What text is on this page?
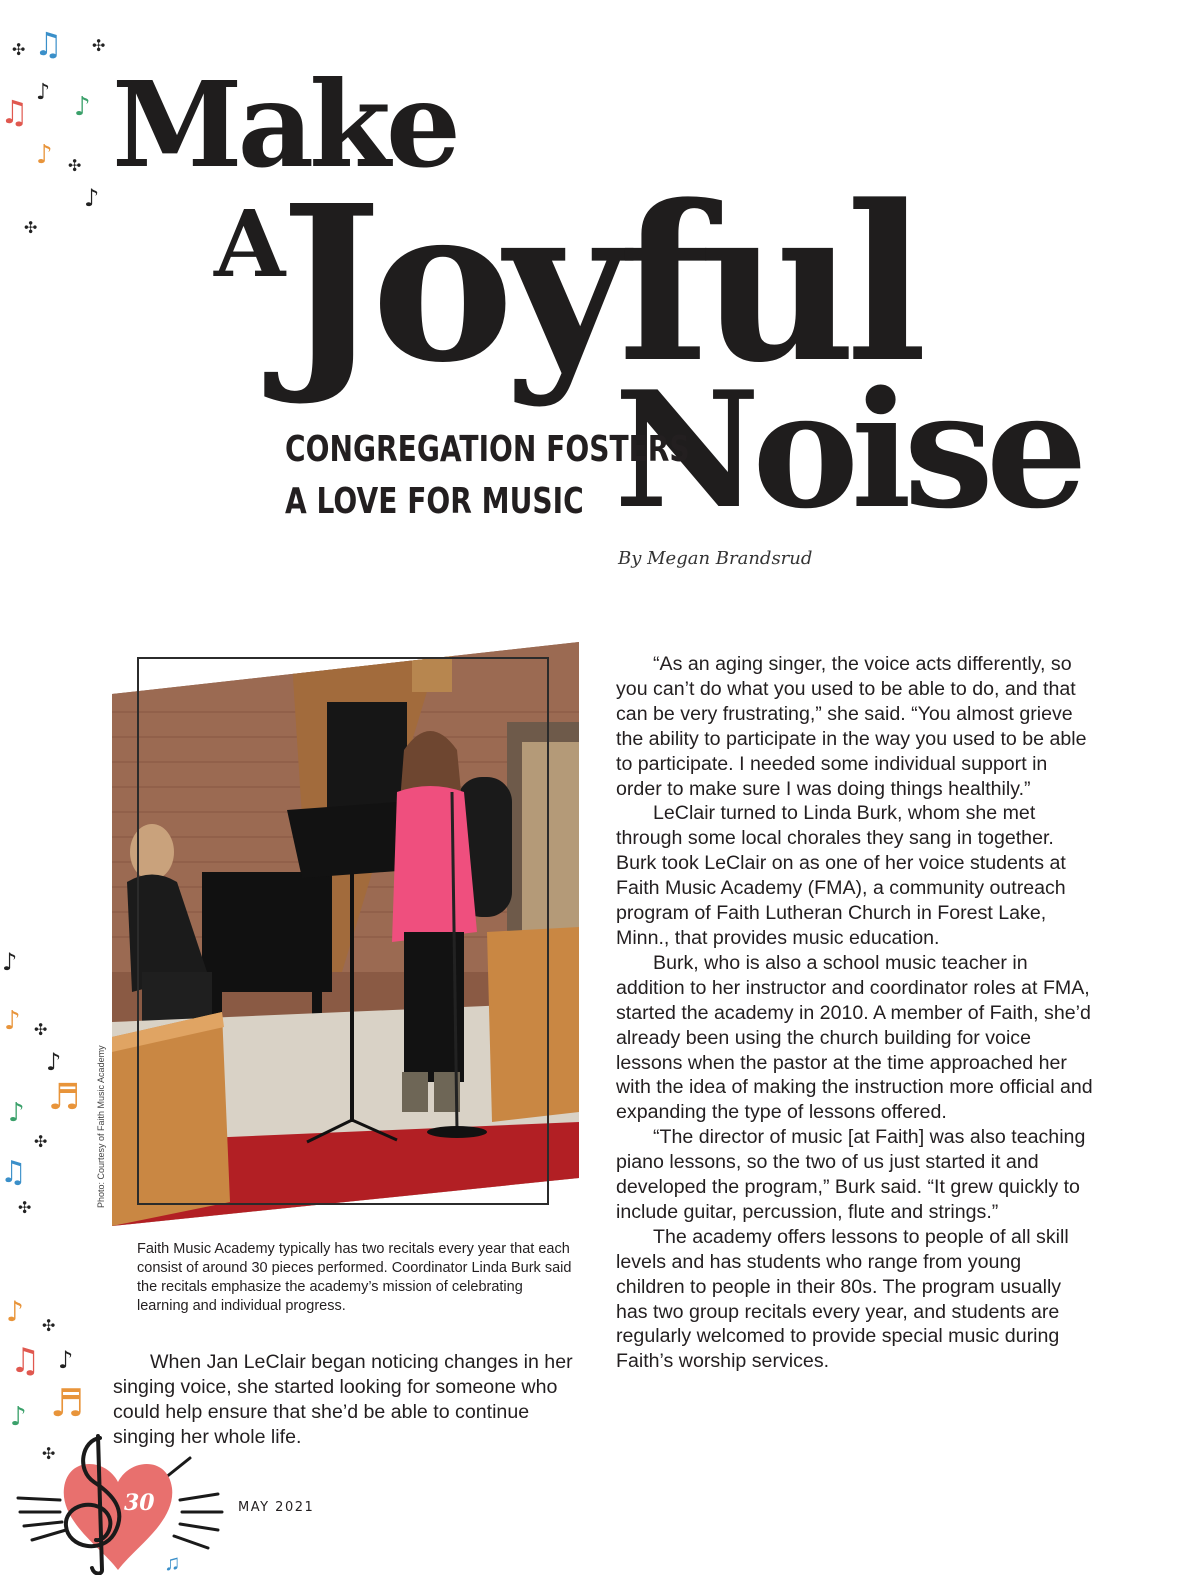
✣ ♫ ✣
♫
♪ ♪
♪ ✣
♪
✣
♪
♪ ✣
♪
♬
♪
✣
♫
✣
♪ ✣
♫ ♪
♬
♪
✣
Make
A
Joyful
Noise
CONGREGATION FOSTERS
A LOVE FOR MUSIC
By Megan Brandsrud
Photo: Courtesy of Faith Music Academy
Faith Music Academy typically has two recitals every year that each consist of around 30 pieces performed. Coordinator Linda Burk said the recitals emphasize the academy’s mission of celebrating learning and individual progress.

When Jan LeClair began noticing changes in her singing voice, she started looking for someone who could help ensure that she’d be able to continue singing her whole life.

“As an aging singer, the voice acts differently, so you can’t do what you used to be able to do, and that can be very frustrating,” she said. “You almost grieve the ability to participate in the way you used to be able to participate. I needed some individual support in order to make sure I was doing things healthily.”

LeClair turned to Linda Burk, whom she met through some local chorales they sang in together. Burk took LeClair on as one of her voice students at Faith Music Academy (FMA), a community outreach program of Faith Lutheran Church in Forest Lake, Minn., that provides music education.

Burk, who is also a school music teacher in addition to her instructor and coordinator roles at FMA, started the academy in 2010. A member of Faith, she’d already been using the church building for voice lessons when the pastor at the time approached her with the idea of making the instruction more official and expanding the type of lessons offered.

“The director of music [at Faith] was also teaching piano lessons, so the two of us just started it and developed the program,” Burk said. “It grew quickly to include guitar, percussion, flute and strings.”

The academy offers lessons to people of all skill levels and has students who range from young children to people in their 80s. The program usually has two group recitals every year, and students are regularly welcomed to provide special music during Faith’s worship services.

30	MAY 2021
♫
